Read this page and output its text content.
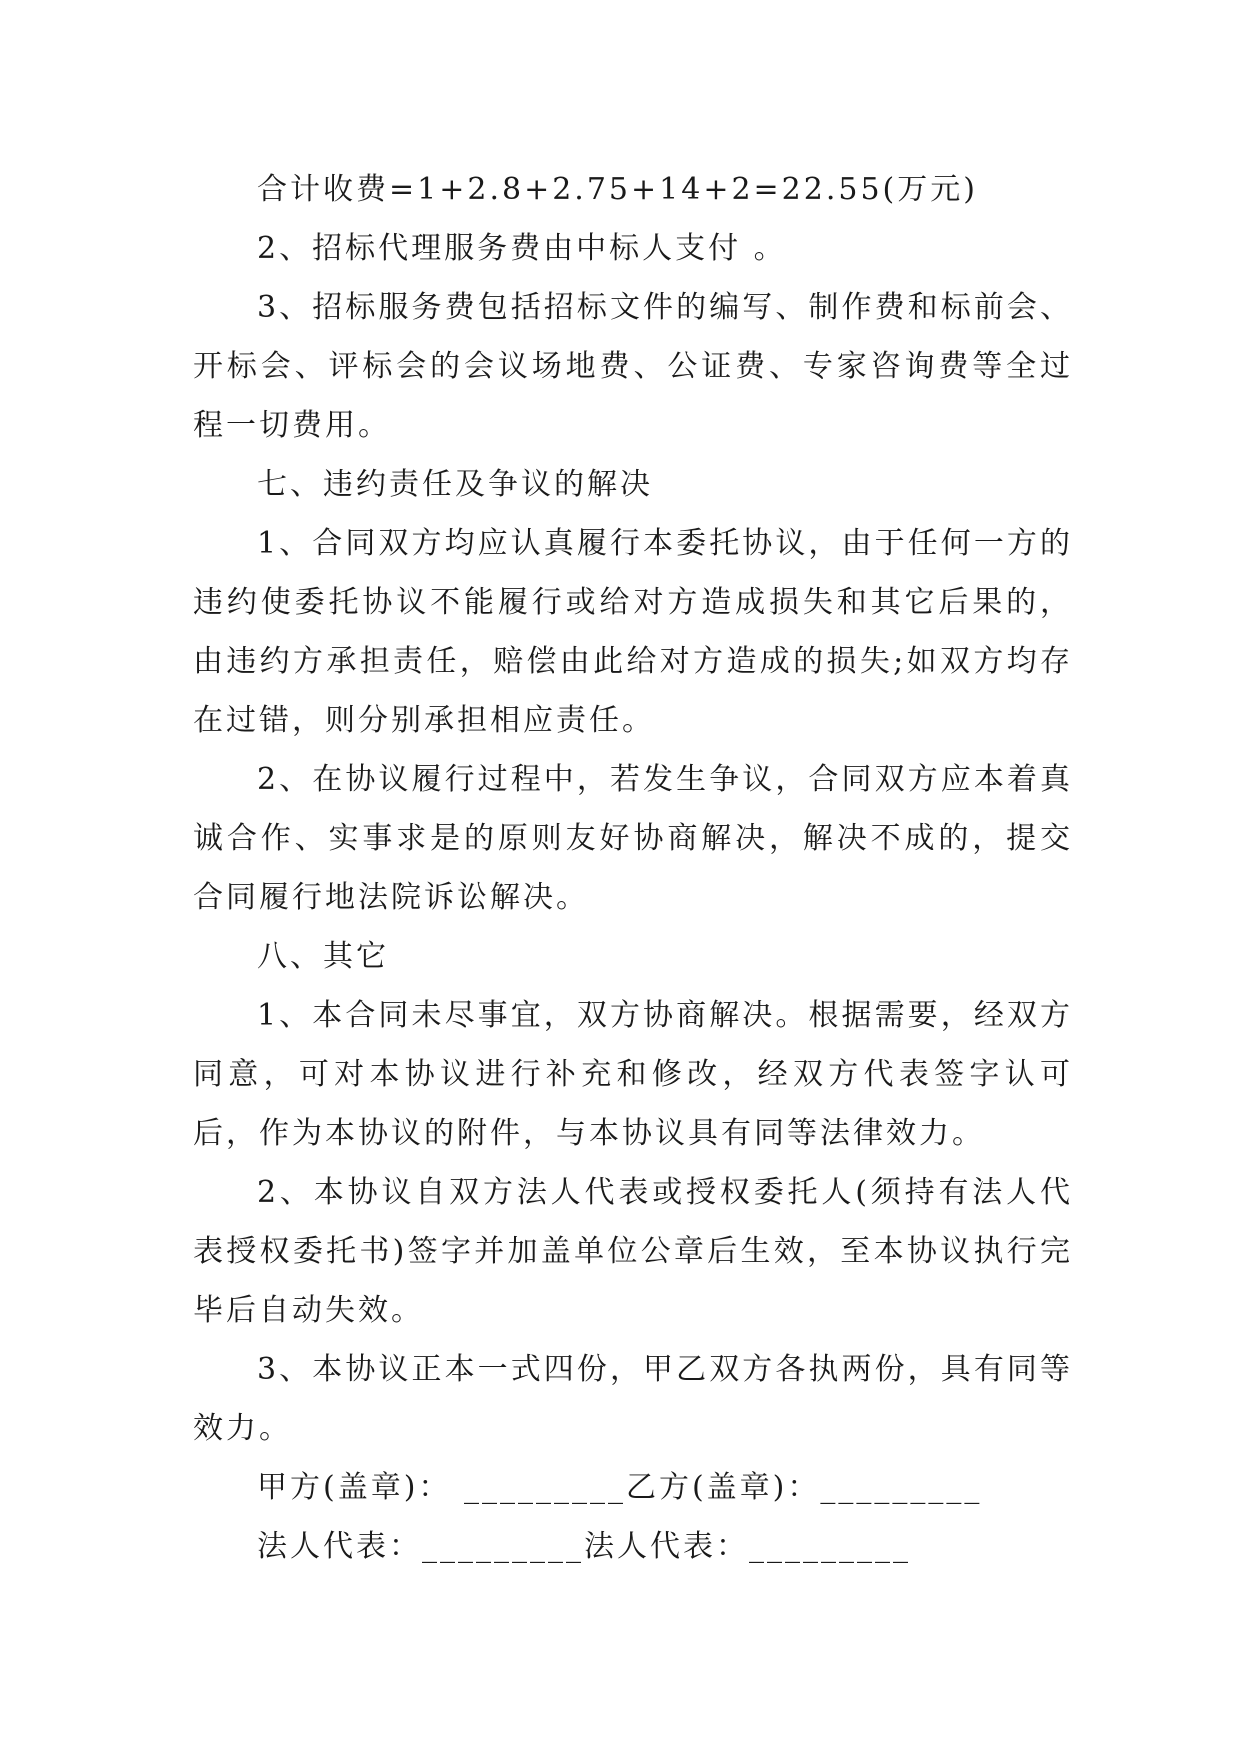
合计收费=1+2.8+2.75+14+2=22.55(万元)

2、招标代理服务费由中标人支付 。

3、招标服务费包括招标文件的编写、制作费和标前会、开标会、评标会的会议场地费、公证费、专家咨询费等全过程一切费用。

七、违约责任及争议的解决

1、合同双方均应认真履行本委托协议，由于任何一方的违约使委托协议不能履行或给对方造成损失和其它后果的，由违约方承担责任，赔偿由此给对方造成的损失;如双方均存在过错，则分别承担相应责任。

2、在协议履行过程中，若发生争议，合同双方应本着真诚合作、实事求是的原则友好协商解决，解决不成的，提交合同履行地法院诉讼解决。

八、其它

1、本合同未尽事宜，双方协商解决。根据需要，经双方同意，可对本协议进行补充和修改，经双方代表签字认可后，作为本协议的附件，与本协议具有同等法律效力。

2、本协议自双方法人代表或授权委托人(须持有法人代表授权委托书)签字并加盖单位公章后生效，至本协议执行完毕后自动失效。

3、本协议正本一式四份，甲乙双方各执两份，具有同等效力。

甲方(盖章)： _________乙方(盖章)：_________

法人代表：_________法人代表：_________
